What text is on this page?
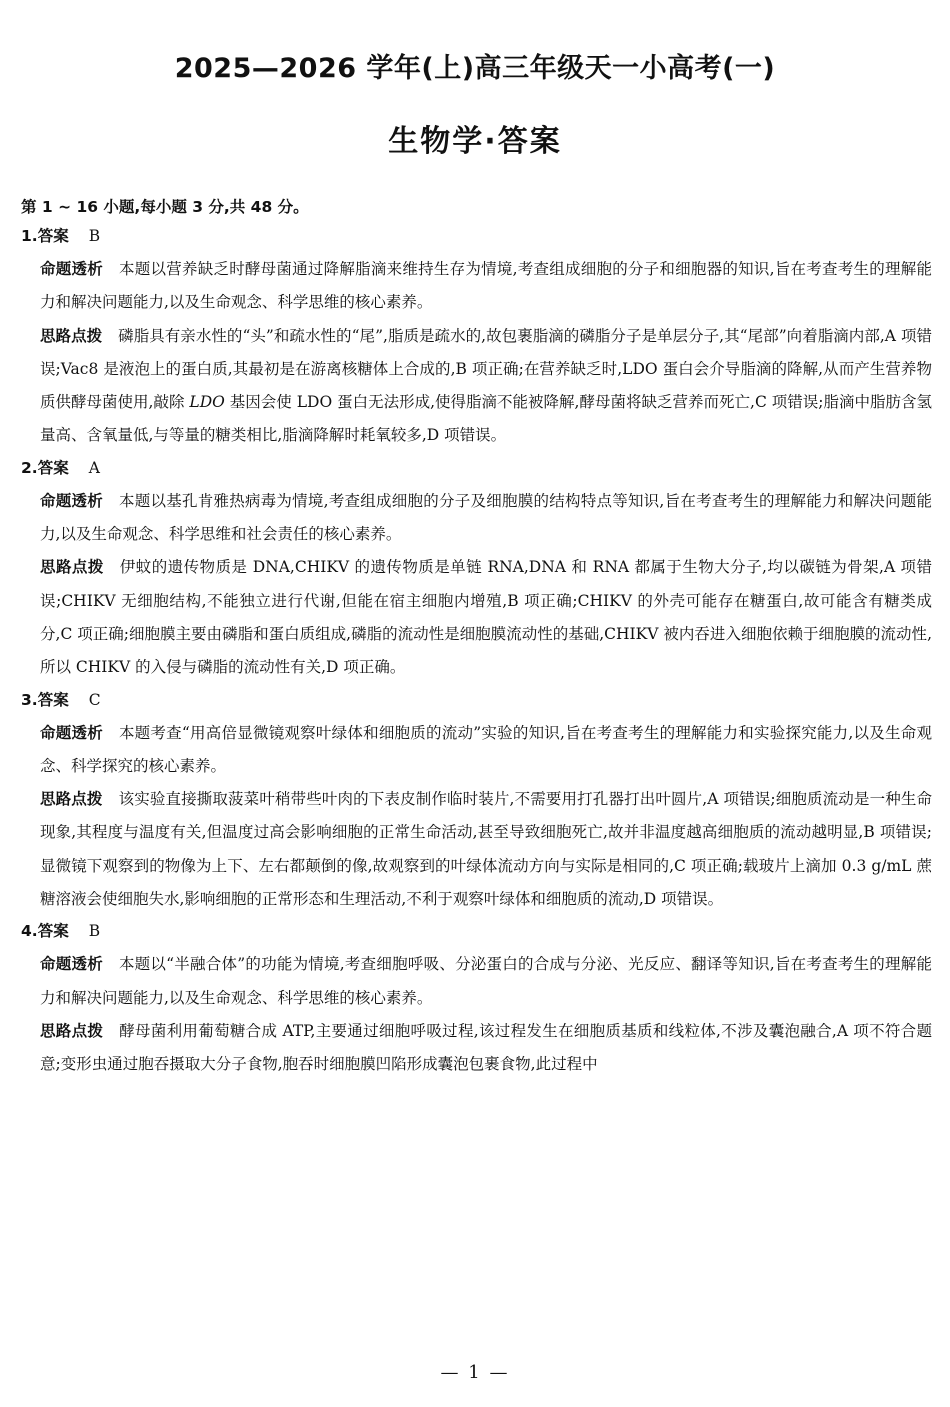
2025—2026 学年(上)高三年级天一小高考(一)
生物学·答案
第 1 ~ 16 小题,每小题 3 分,共 48 分。

1.答案 B

命题透析 本题以营养缺乏时酵母菌通过降解脂滴来维持生存为情境,考查组成细胞的分子和细胞器的知识,旨在考查考生的理解能力和解决问题能力,以及生命观念、科学思维的核心素养。

思路点拨 磷脂具有亲水性的“头”和疏水性的“尾”,脂质是疏水的,故包裹脂滴的磷脂分子是单层分子,其“尾部”向着脂滴内部,A 项错误;Vac8 是液泡上的蛋白质,其最初是在游离核糖体上合成的,B 项正确;在营养缺乏时,LDO 蛋白会介导脂滴的降解,从而产生营养物质供酵母菌使用,敲除 LDO 基因会使 LDO 蛋白无法形成,使得脂滴不能被降解,酵母菌将缺乏营养而死亡,C 项错误;脂滴中脂肪含氢量高、含氧量低,与等量的糖类相比,脂滴降解时耗氧较多,D 项错误。

2.答案 A

命题透析 本题以基孔肯雅热病毒为情境,考查组成细胞的分子及细胞膜的结构特点等知识,旨在考查考生的理解能力和解决问题能力,以及生命观念、科学思维和社会责任的核心素养。

思路点拨 伊蚊的遗传物质是 DNA,CHIKV 的遗传物质是单链 RNA,DNA 和 RNA 都属于生物大分子,均以碳链为骨架,A 项错误;CHIKV 无细胞结构,不能独立进行代谢,但能在宿主细胞内增殖,B 项正确;CHIKV 的外壳可能存在糖蛋白,故可能含有糖类成分,C 项正确;细胞膜主要由磷脂和蛋白质组成,磷脂的流动性是细胞膜流动性的基础,CHIKV 被内吞进入细胞依赖于细胞膜的流动性,所以 CHIKV 的入侵与磷脂的流动性有关,D 项正确。

3.答案 C

命题透析 本题考查“用高倍显微镜观察叶绿体和细胞质的流动”实验的知识,旨在考查考生的理解能力和实验探究能力,以及生命观念、科学探究的核心素养。

思路点拨 该实验直接撕取菠菜叶稍带些叶肉的下表皮制作临时装片,不需要用打孔器打出叶圆片,A 项错误;细胞质流动是一种生命现象,其程度与温度有关,但温度过高会影响细胞的正常生命活动,甚至导致细胞死亡,故并非温度越高细胞质的流动越明显,B 项错误;显微镜下观察到的物像为上下、左右都颠倒的像,故观察到的叶绿体流动方向与实际是相同的,C 项正确;载玻片上滴加 0.3 g/mL 蔗糖溶液会使细胞失水,影响细胞的正常形态和生理活动,不利于观察叶绿体和细胞质的流动,D 项错误。

4.答案 B

命题透析 本题以“半融合体”的功能为情境,考查细胞呼吸、分泌蛋白的合成与分泌、光反应、翻译等知识,旨在考查考生的理解能力和解决问题能力,以及生命观念、科学思维的核心素养。

思路点拨 酵母菌利用葡萄糖合成 ATP,主要通过细胞呼吸过程,该过程发生在细胞质基质和线粒体,不涉及囊泡融合,A 项不符合题意;变形虫通过胞吞摄取大分子食物,胞吞时细胞膜凹陷形成囊泡包裹食物,此过程中

— 1 —
